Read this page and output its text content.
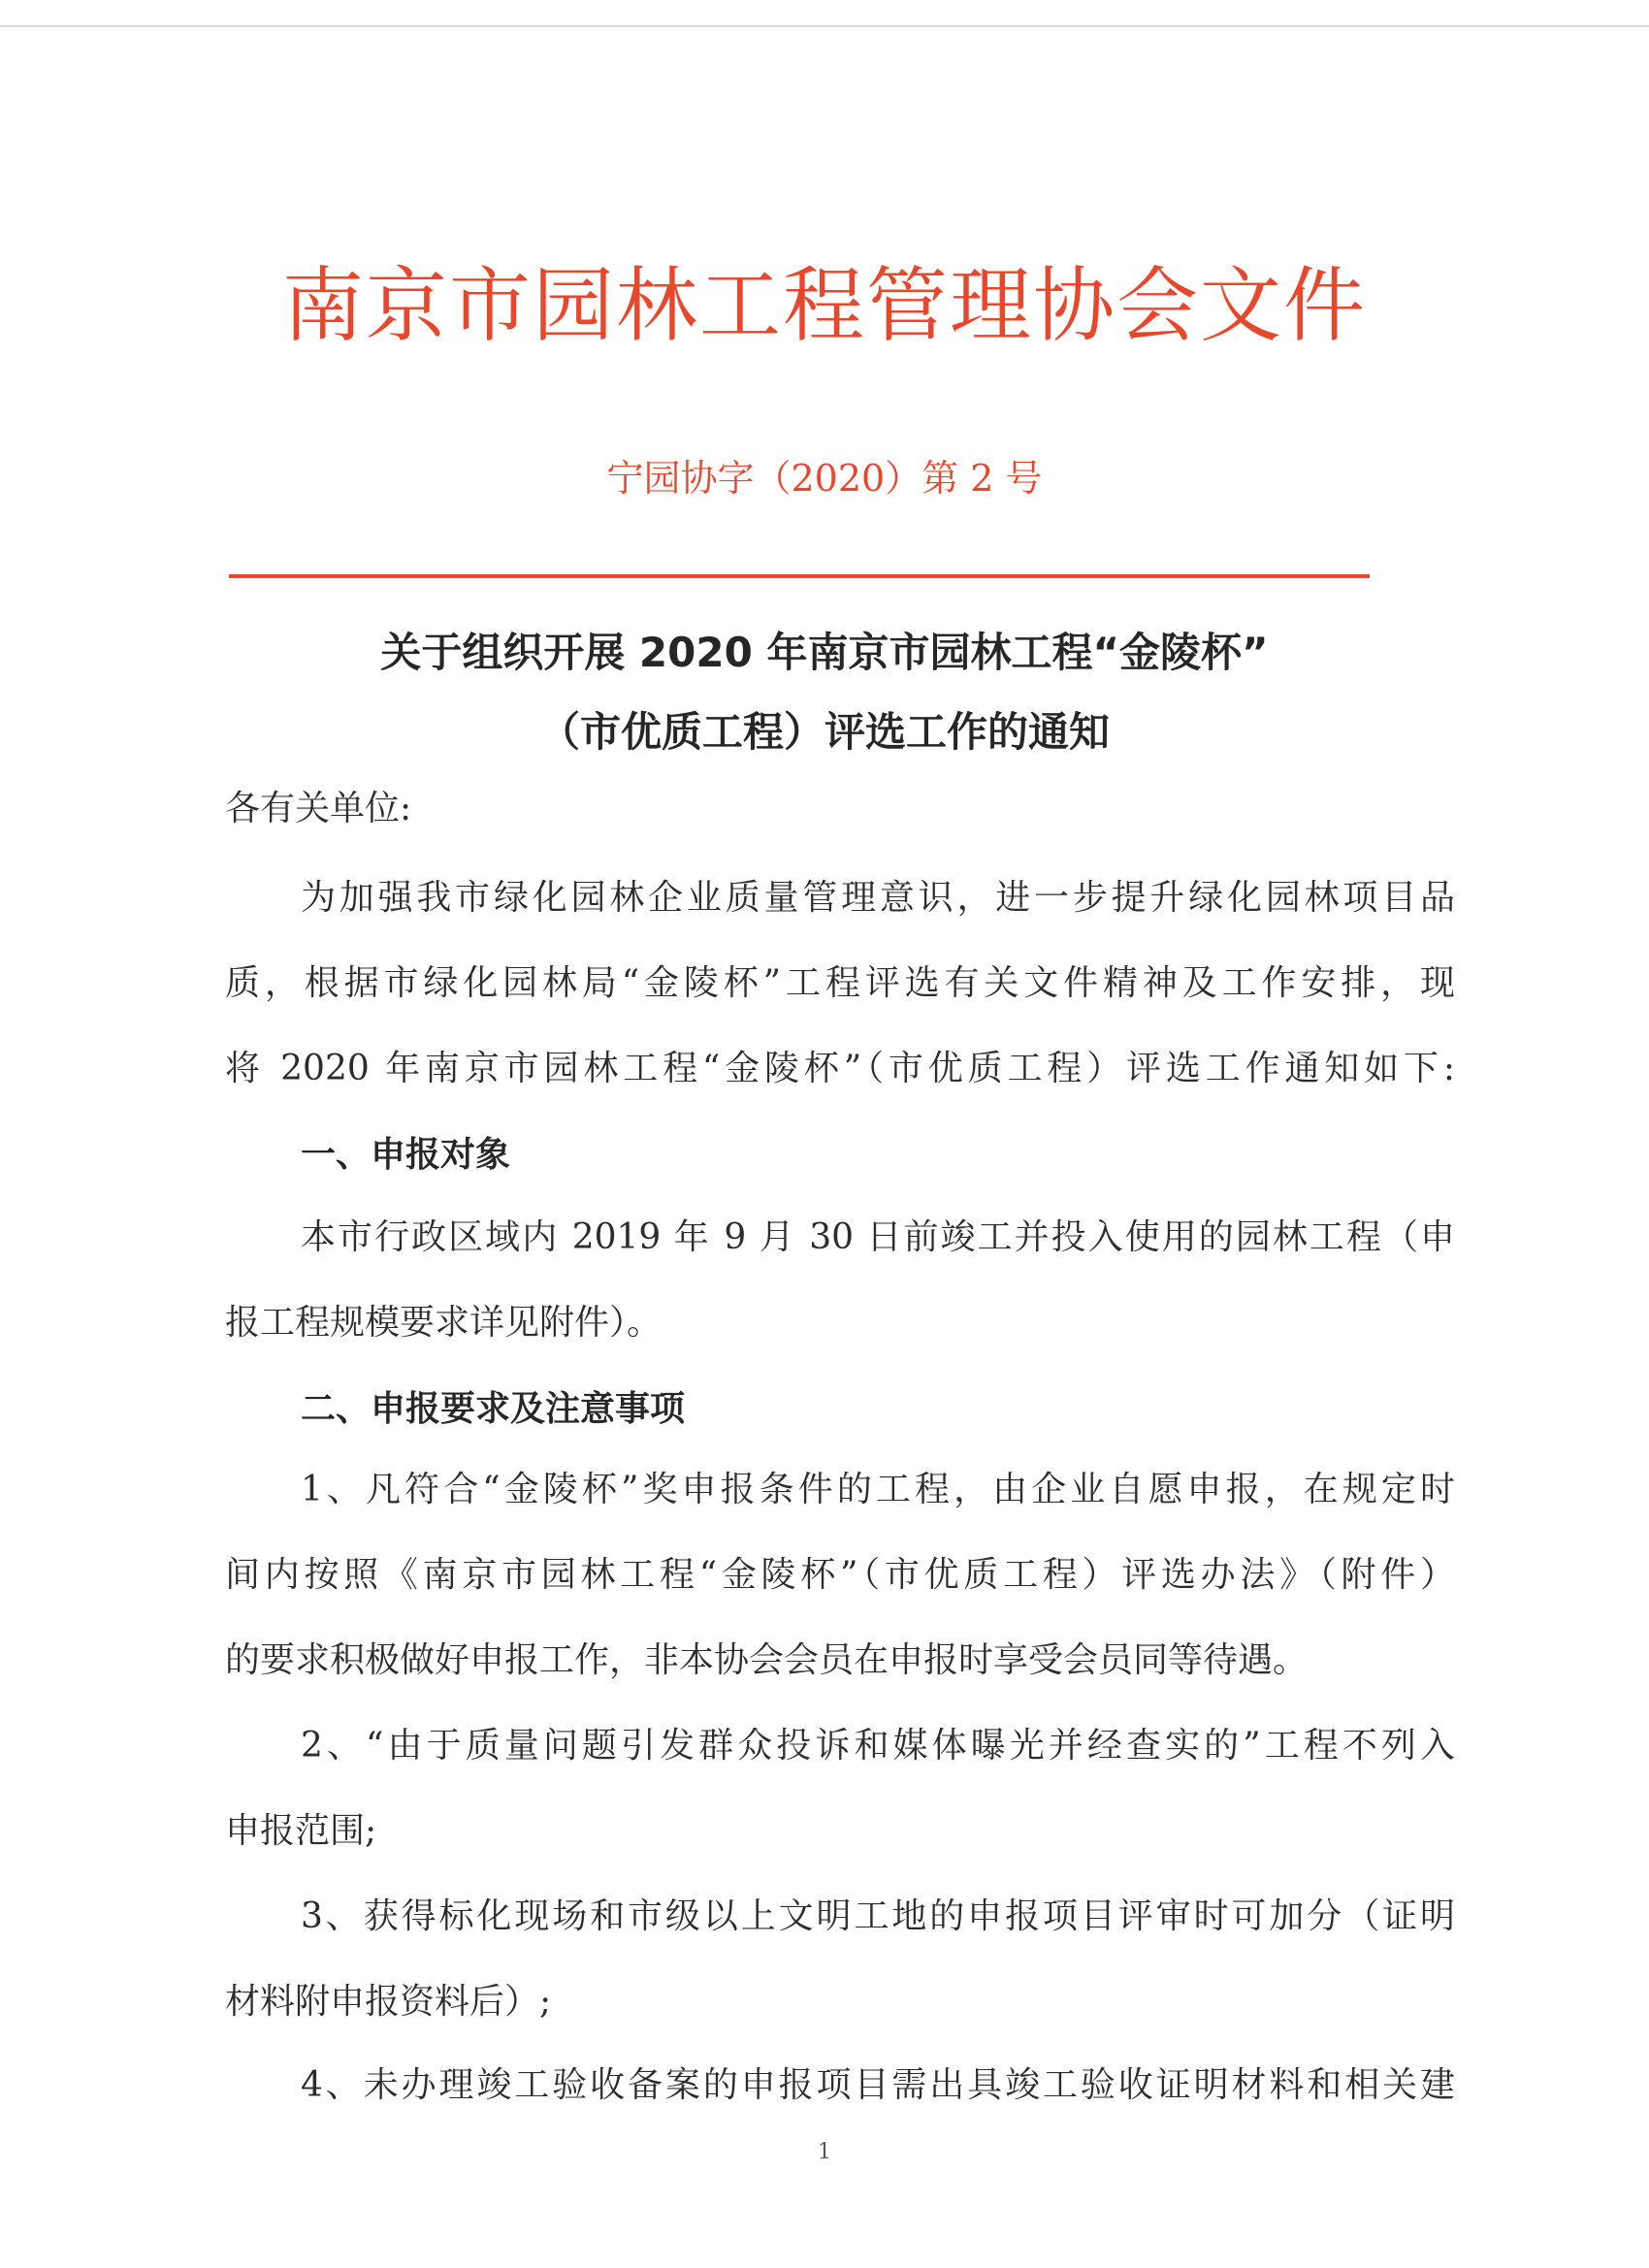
南京市园林工程管理协会文件
宁园协字（2020）第 2 号
关于组织开展 2020 年南京市园林工程“金陵杯”
（市优质工程）评选工作的通知
各有关单位:
为加强我市绿化园林企业质量管理意识，进一步提升绿化园林项目品
质，根据市绿化园林局“金陵杯”工程评选有关文件精神及工作安排，现
将 2020 年南京市园林工程“金陵杯”（市优质工程）评选工作通知如下:
一、申报对象
本市行政区域内 2019 年 9 月 30 日前竣工并投入使用的园林工程（申
报工程规模要求详见附件）。
二、申报要求及注意事项
1、凡符合“金陵杯”奖申报条件的工程，由企业自愿申报，在规定时
间内按照《南京市园林工程“金陵杯”（市优质工程）评选办法》（附件）
的要求积极做好申报工作，非本协会会员在申报时享受会员同等待遇。
2、“由于质量问题引发群众投诉和媒体曝光并经查实的”工程不列入
申报范围;
3、获得标化现场和市级以上文明工地的申报项目评审时可加分（证明
材料附申报资料后）;
4、未办理竣工验收备案的申报项目需出具竣工验收证明材料和相关建
1
